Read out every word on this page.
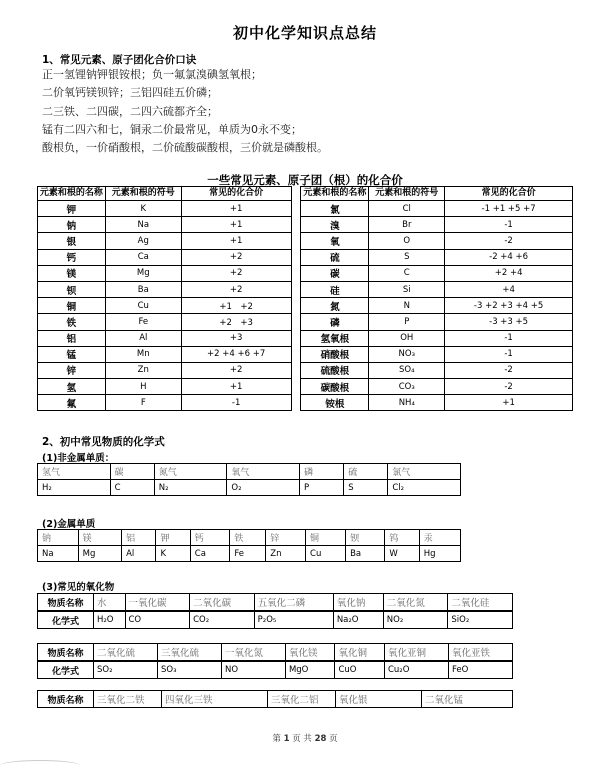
初中化学知识点总结
1、常见元素、原子团化合价口诀
正一氢锂钠钾银铵根；负一氟氯溴碘氢氧根；
二价氧钙镁钡锌；三铝四硅五价磷；
二三铁、二四碳，二四六硫都齐全；
锰有二四六和七，铜汞二价最常见，单质为0永不变；
酸根负，一价硝酸根，二价硫酸碳酸根，三价就是磷酸根。
一些常见元素、原子团（根）的化合价
元素和根的名称	元素和根的符号	常见的化合价		元素和根的名称	元素和根的符号	常见的化合价
钾	K	+1		氯	Cl	-1 +1 +5 +7
钠	Na	+1		溴	Br	-1
银	Ag	+1		氧	O	-2
钙	Ca	+2		硫	S	-2 +4 +6
镁	Mg	+2		碳	C	+2 +4
钡	Ba	+2		硅	Si	+4
铜	Cu	+1　+2		氮	N	-3 +2 +3 +4 +5
铁	Fe	+2　+3		磷	P	-3 +3 +5
铝	Al	+3		氢氧根	OH	-1
锰	Mn	+2 +4 +6 +7		硝酸根	NO₃	-1
锌	Zn	+2		硫酸根	SO₄	-2
氢	H	+1		碳酸根	CO₃	-2
氟	F	-1		铵根	NH₄	+1
2、初中常见物质的化学式
(1)非金属单质：
氢气	碳	氮气	氧气	磷	硫	氯气
H₂	C	N₂	O₂	P	S	Cl₂
(2)金属单质
钠	镁	铝	钾	钙	铁	锌	铜	钡	钨	汞
Na	Mg	Al	K	Ca	Fe	Zn	Cu	Ba	W	Hg
(3)常见的氧化物
物质名称	水	一氧化碳	二氧化碳	五氧化二磷	氧化钠	二氧化氮	二氧化硅
化学式	H₂O	CO	CO₂	P₂O₅	Na₂O	NO₂	SiO₂
物质名称	二氧化硫	三氧化硫	一氧化氮	氧化镁	氧化铜	氧化亚铜	氧化亚铁
化学式	SO₂	SO₃	NO	MgO	CuO	Cu₂O	FeO
物质名称	三氧化二铁	四氧化三铁	三氧化二铝	氧化银	二氧化锰
第 1 页 共 28 页
